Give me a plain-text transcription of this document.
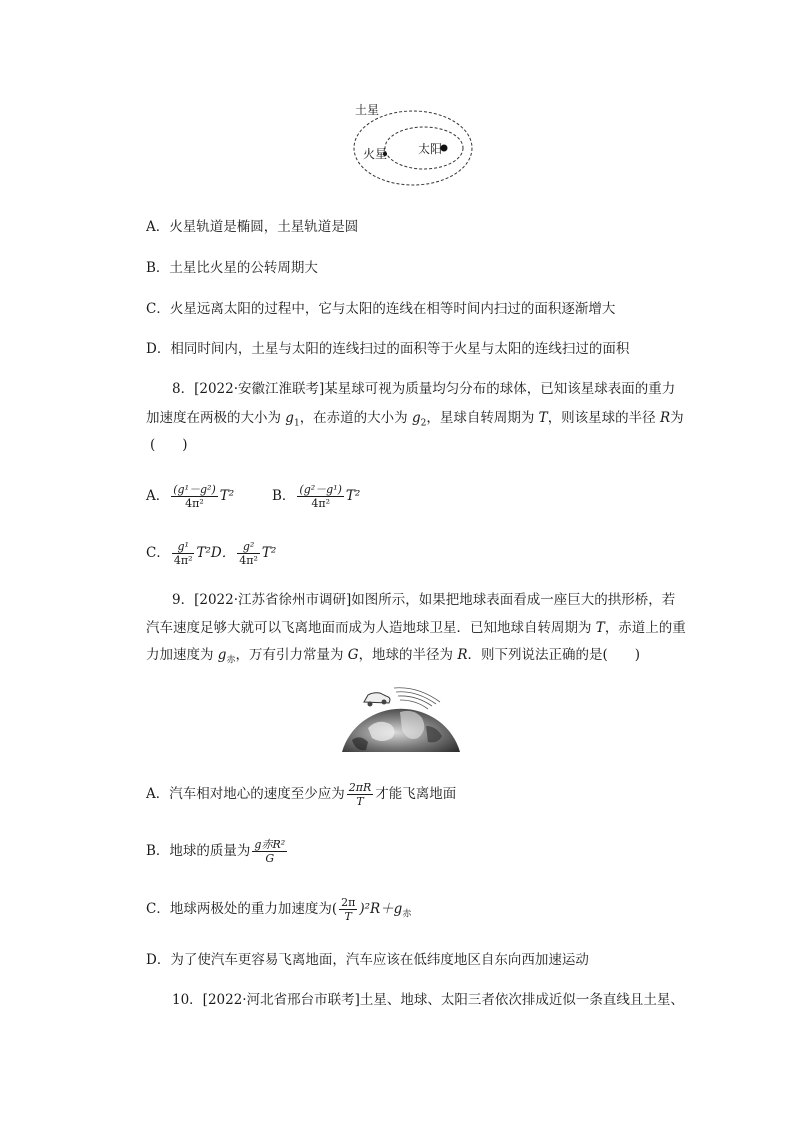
土星
火星	太阳
A．火星轨道是椭圆，土星轨道是圆
B．土星比火星的公转周期大
C．火星远离太阳的过程中，它与太阳的连线在相等时间内扫过的面积逐渐增大
D．相同时间内，土星与太阳的连线扫过的面积等于火星与太阳的连线扫过的面积
8．[2022·安徽江淮联考]某星球可视为质量均匀分布的球体，已知该星球表面的重力
加速度在两极的大小为 $g_1$，在赤道的大小为 $g_2$，星球自转周期为 T，则该星球的半径 R为
(　　)
A． $\frac{\text{(g¹－g²)}}{\text{4π²}} T^2$	B． $\frac{\text{(g²－g¹)}}{\text{4π²}} T^2$
C． $\frac{\text{g¹}}{\text{4π²}} T^2D$． $\frac{\text{g²}}{\text{4π²}} T^2$
9．[2022·江苏省徐州市调研]如图所示，如果把地球表面看成一座巨大的拱形桥，若
汽车速度足够大就可以飞离地面而成为人造地球卫星．已知地球自转周期为 T，赤道上的重
力加速度为 $g_赤$，万有引力常量为 G，地球的半径为 R．则下列说法正确的是(　　)
A．汽车相对地心的速度至少应为 $\frac{2\pi R}{T}$ 才能飞离地面
B．地球的质量为 $\frac{\text{g赤R²}}{G}$
C．地球两极处的重力加速度为( $\frac{2\pi}{T} )^2R+g_赤$
D．为了使汽车更容易飞离地面，汽车应该在低纬度地区自东向西加速运动
10．[2022·河北省邢台市联考]土星、地球、太阳三者依次排成近似一条直线且土星、
